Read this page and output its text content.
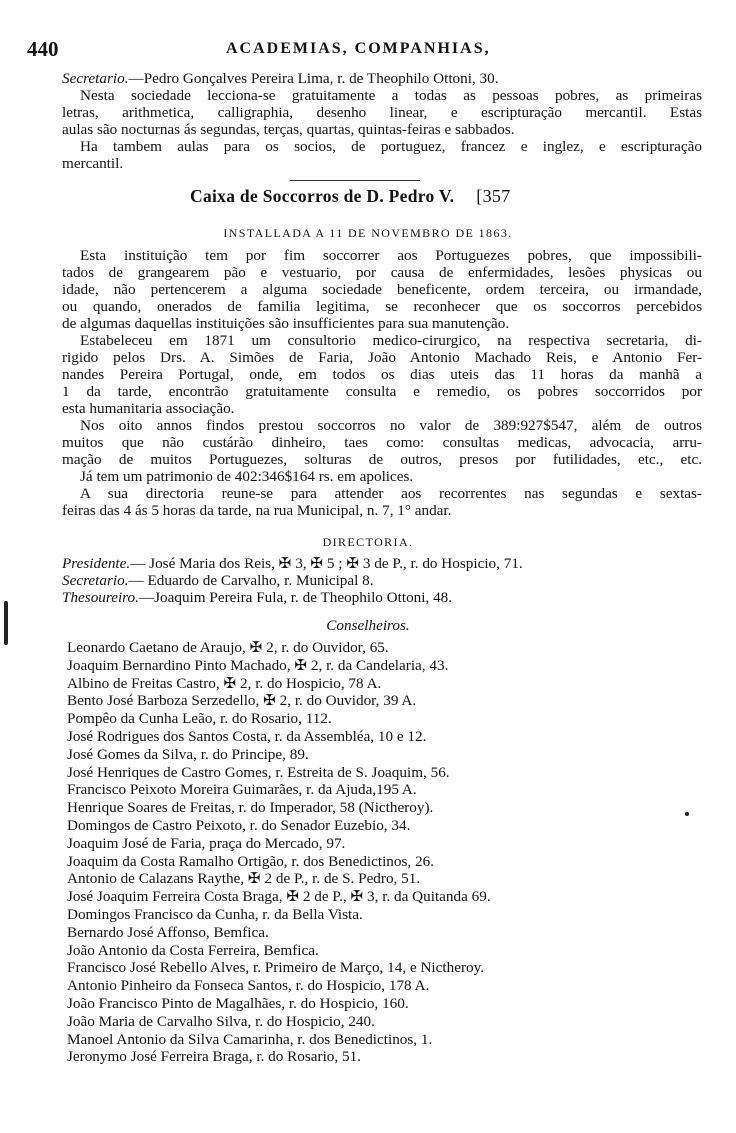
440	ACADEMIAS, COMPANHIAS,
Secretario.—Pedro Gonçalves Pereira Lima, r. de Theophilo Ottoni, 30.
Nesta sociedade lecciona-se gratuitamente a todas as pessoas pobres, as primeiras
letras, arithmetica, calligraphia, desenho linear, e escripturação mercantil. Estas
aulas são nocturnas ás segundas, terças, quartas, quintas-feiras e sabbados.
Ha tambem aulas para os socios, de portuguez, francez e inglez, e escripturação
mercantil.
Caixa de Soccorros de D. Pedro V. [357
INSTALLADA A 11 DE NOVEMBRO DE 1863.
Esta instituição tem por fim soccorrer aos Portuguezes pobres, que impossibili-
tados de grangearem pão e vestuario, por causa de enfermidades, lesões physicas ou
idade, não pertencerem a alguma sociedade beneficente, ordem terceira, ou irmandade,
ou quando, onerados de familia legitima, se reconhecer que os soccorros percebidos
de algumas daquellas instituições são insufficientes para sua manutenção.
Estabeleceu em 1871 um consultorio medico-cirurgico, na respectiva secretaria, di-
rigido pelos Drs. A. Simões de Faria, João Antonio Machado Reis, e Antonio Fer-
nandes Pereira Portugal, onde, em todos os dias uteis das 11 horas da manhã a
1 da tarde, encontrão gratuitamente consulta e remedio, os pobres soccorridos por
esta humanitaria associação.
Nos oito annos findos prestou soccorros no valor de 389:927$547, além de outros
muitos que não custárão dinheiro, taes como: consultas medicas, advocacia, arru-
mação de muitos Portuguezes, solturas de outros, presos por futilidades, etc., etc.
Já tem um patrimonio de 402:346$164 rs. em apolices.
A sua directoria reune-se para attender aos recorrentes nas segundas e sextas-
feiras das 4 ás 5 horas da tarde, na rua Municipal, n. 7, 1° andar.
DIRECTORIA.
Presidente.— José Maria dos Reis, ✠ 3, ✠ 5 ; ✠ 3 de P., r. do Hospicio, 71.
Secretario.— Eduardo de Carvalho, r. Municipal 8.
Thesoureiro.—Joaquim Pereira Fula, r. de Theophilo Ottoni, 48.
Conselheiros.
Leonardo Caetano de Araujo, ✠ 2, r. do Ouvidor, 65.
Joaquim Bernardino Pinto Machado, ✠ 2, r. da Candelaria, 43.
Albino de Freitas Castro, ✠ 2, r. do Hospicio, 78 A.
Bento José Barboza Serzedello, ✠ 2, r. do Ouvidor, 39 A.
Pompêo da Cunha Leão, r. do Rosario, 112.
José Rodrigues dos Santos Costa, r. da Assembléa, 10 e 12.
José Gomes da Silva, r. do Principe, 89.
José Henriques de Castro Gomes, r. Estreita de S. Joaquim, 56.
Francisco Peixoto Moreira Guimarães, r. da Ajuda,195 A.
Henrique Soares de Freitas, r. do Imperador, 58 (Nictheroy).
Domingos de Castro Peixoto, r. do Senador Euzebio, 34.
Joaquim José de Faria, praça do Mercado, 97.
Joaquim da Costa Ramalho Ortigão, r. dos Benedictinos, 26.
Antonio de Calazans Raythe, ✠ 2 de P., r. de S. Pedro, 51.
José Joaquim Ferreira Costa Braga, ✠ 2 de P., ✠ 3, r. da Quitanda 69.
Domingos Francisco da Cunha, r. da Bella Vista.
Bernardo José Affonso, Bemfica.
João Antonio da Costa Ferreira, Bemfica.
Francisco José Rebello Alves, r. Primeiro de Março, 14, e Nictheroy.
Antonio Pinheiro da Fonseca Santos, r. do Hospicio, 178 A.
João Francisco Pinto de Magalhães, r. do Hospicio, 160.
João Maria de Carvalho Silva, r. do Hospicio, 240.
Manoel Antonio da Silva Camarinha, r. dos Benedictinos, 1.
Jeronymo José Ferreira Braga, r. do Rosario, 51.
